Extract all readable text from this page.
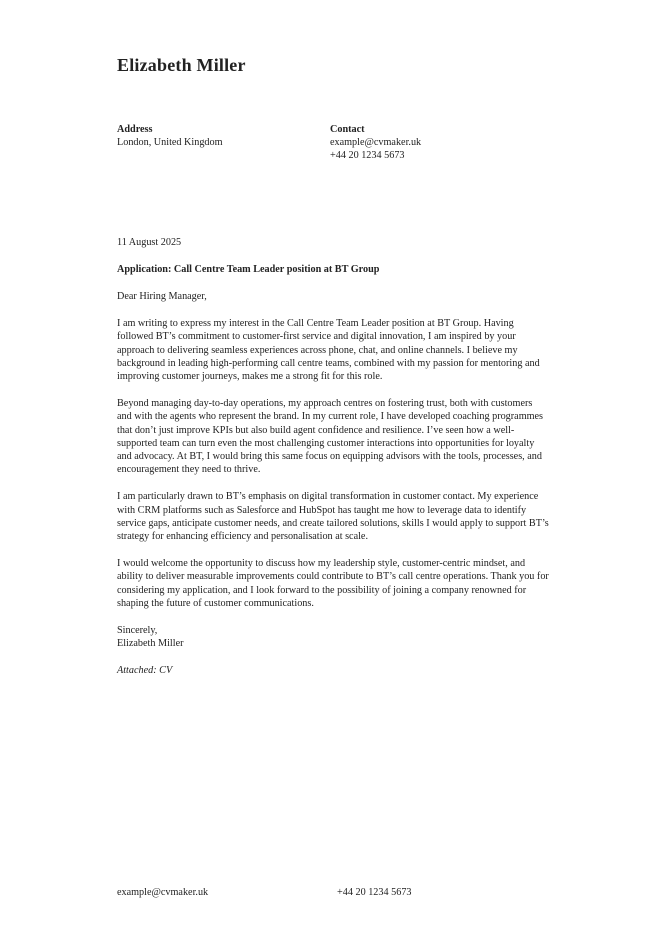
Elizabeth Miller
Address
London, United Kingdom
Contact
example@cvmaker.uk
+44 20 1234 5673

11 August 2025

Application: Call Centre Team Leader position at BT Group

Dear Hiring Manager,

I am writing to express my interest in the Call Centre Team Leader position at BT Group. Having followed BT’s commitment to customer-first service and digital innovation, I am inspired by your approach to delivering seamless experiences across phone, chat, and online channels. I believe my background in leading high-performing call centre teams, combined with my passion for mentoring and improving customer journeys, makes me a strong fit for this role.

Beyond managing day-to-day operations, my approach centres on fostering trust, both with customers and with the agents who represent the brand. In my current role, I have developed coaching programmes that don’t just improve KPIs but also build agent confidence and resilience. I’ve seen how a well-supported team can turn even the most challenging customer interactions into opportunities for loyalty and advocacy. At BT, I would bring this same focus on equipping advisors with the tools, processes, and encouragement they need to thrive.

I am particularly drawn to BT’s emphasis on digital transformation in customer contact. My experience with CRM platforms such as Salesforce and HubSpot has taught me how to leverage data to identify service gaps, anticipate customer needs, and create tailored solutions, skills I would apply to support BT’s strategy for enhancing efficiency and personalisation at scale.

I would welcome the opportunity to discuss how my leadership style, customer-centric mindset, and ability to deliver measurable improvements could contribute to BT’s call centre operations. Thank you for considering my application, and I look forward to the possibility of joining a company renowned for shaping the future of customer communications.

Sincerely,
Elizabeth Miller

Attached: CV

example@cvmaker.uk	+44 20 1234 5673
